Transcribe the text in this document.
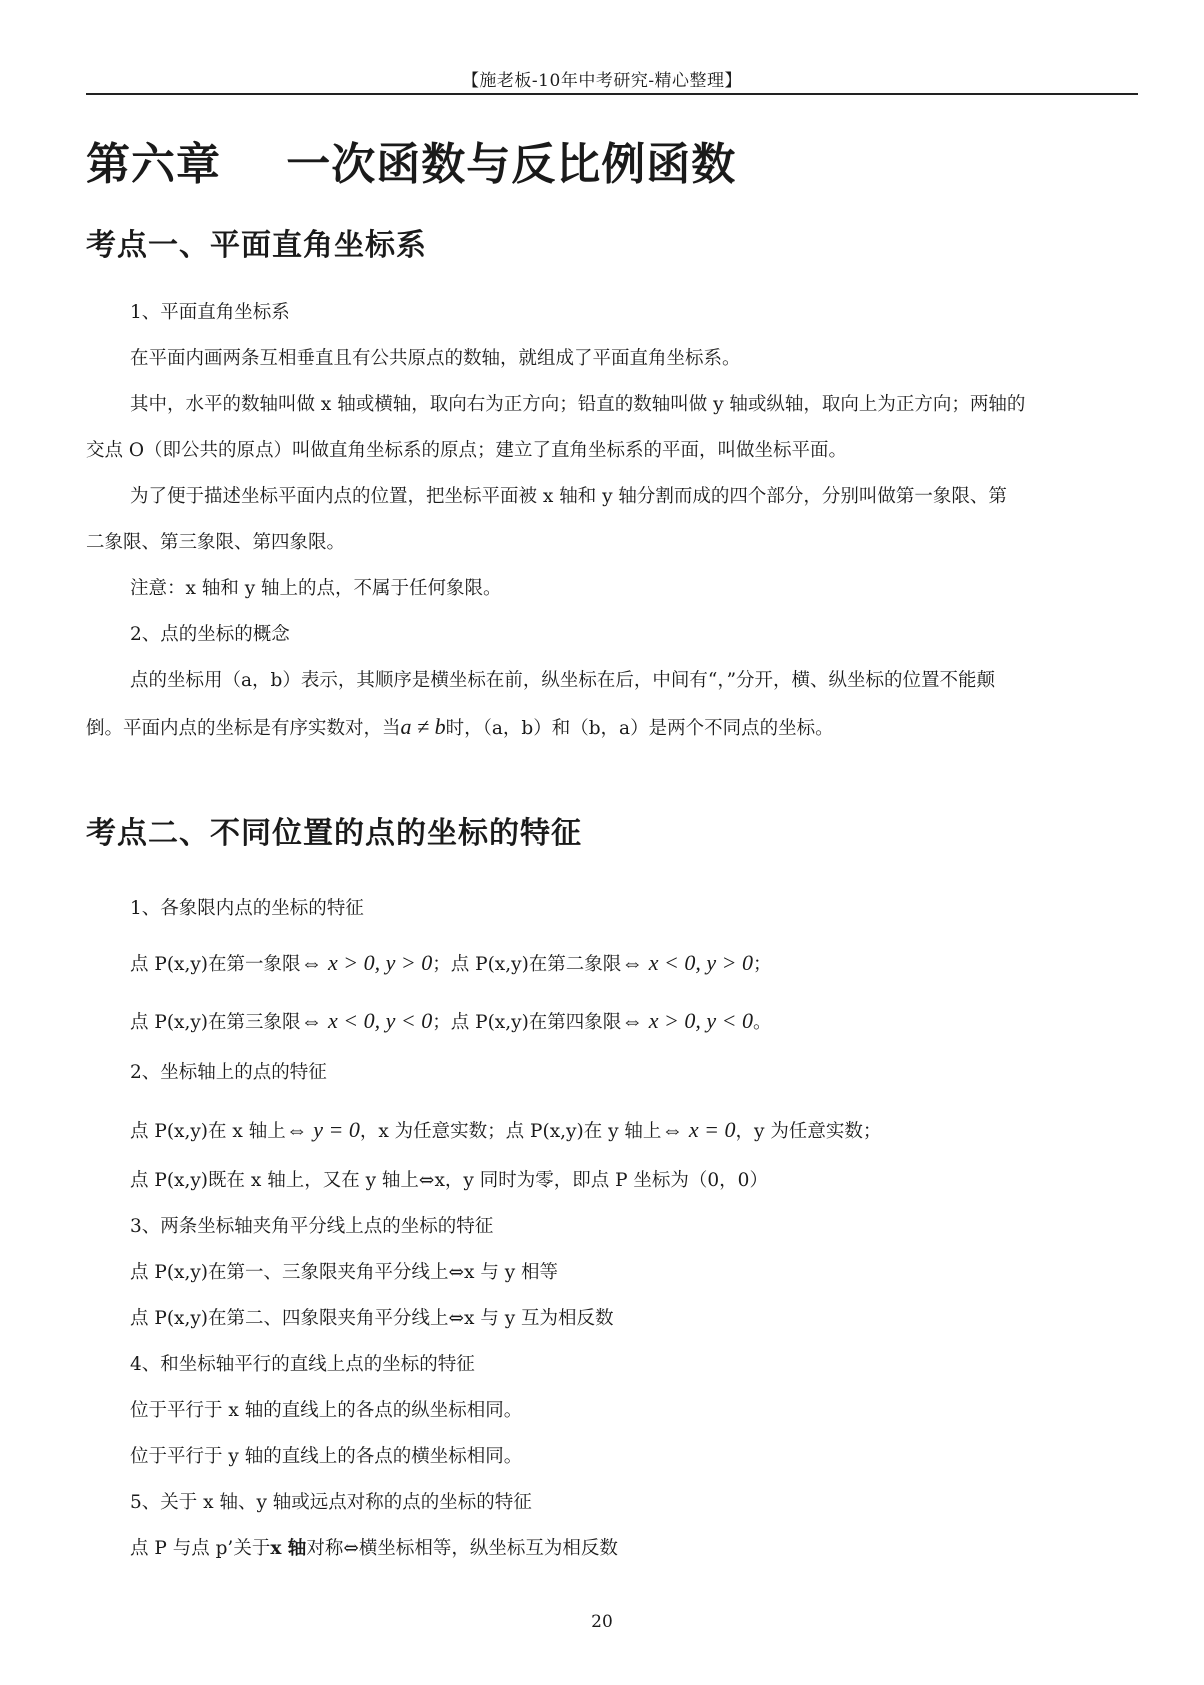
【施老板-10年中考研究-精心整理】
第六章    一次函数与反比例函数
考点一、平面直角坐标系
1、平面直角坐标系
在平面内画两条互相垂直且有公共原点的数轴，就组成了平面直角坐标系。
其中，水平的数轴叫做 x 轴或横轴，取向右为正方向；铅直的数轴叫做 y 轴或纵轴，取向上为正方向；两轴的
交点 O（即公共的原点）叫做直角坐标系的原点；建立了直角坐标系的平面，叫做坐标平面。
为了便于描述坐标平面内点的位置，把坐标平面被 x 轴和 y 轴分割而成的四个部分，分别叫做第一象限、第
二象限、第三象限、第四象限。
注意：x 轴和 y 轴上的点，不属于任何象限。
2、点的坐标的概念
点的坐标用（a，b）表示，其顺序是横坐标在前，纵坐标在后，中间有“，”分开，横、纵坐标的位置不能颠
倒。平面内点的坐标是有序实数对，当a ≠ b时，（a，b）和（b，a）是两个不同点的坐标。
考点二、不同位置的点的坐标的特征
1、各象限内点的坐标的特征
点 P(x,y)在第一象限⇔ x > 0, y > 0；点 P(x,y)在第二象限⇔ x < 0, y > 0；
点 P(x,y)在第三象限⇔ x < 0, y < 0；点 P(x,y)在第四象限⇔ x > 0, y < 0。
2、坐标轴上的点的特征
点 P(x,y)在 x 轴上⇔ y = 0，x 为任意实数；点 P(x,y)在 y 轴上⇔ x = 0，y 为任意实数；
点 P(x,y)既在 x 轴上，又在 y 轴上⇔x，y 同时为零，即点 P 坐标为（0，0）
3、两条坐标轴夹角平分线上点的坐标的特征
点 P(x,y)在第一、三象限夹角平分线上⇔x 与 y 相等
点 P(x,y)在第二、四象限夹角平分线上⇔x 与 y 互为相反数
4、和坐标轴平行的直线上点的坐标的特征
位于平行于 x 轴的直线上的各点的纵坐标相同。
位于平行于 y 轴的直线上的各点的横坐标相同。
5、关于 x 轴、y 轴或远点对称的点的坐标的特征
点 P 与点 p’关于x 轴对称⇔横坐标相等，纵坐标互为相反数
20
